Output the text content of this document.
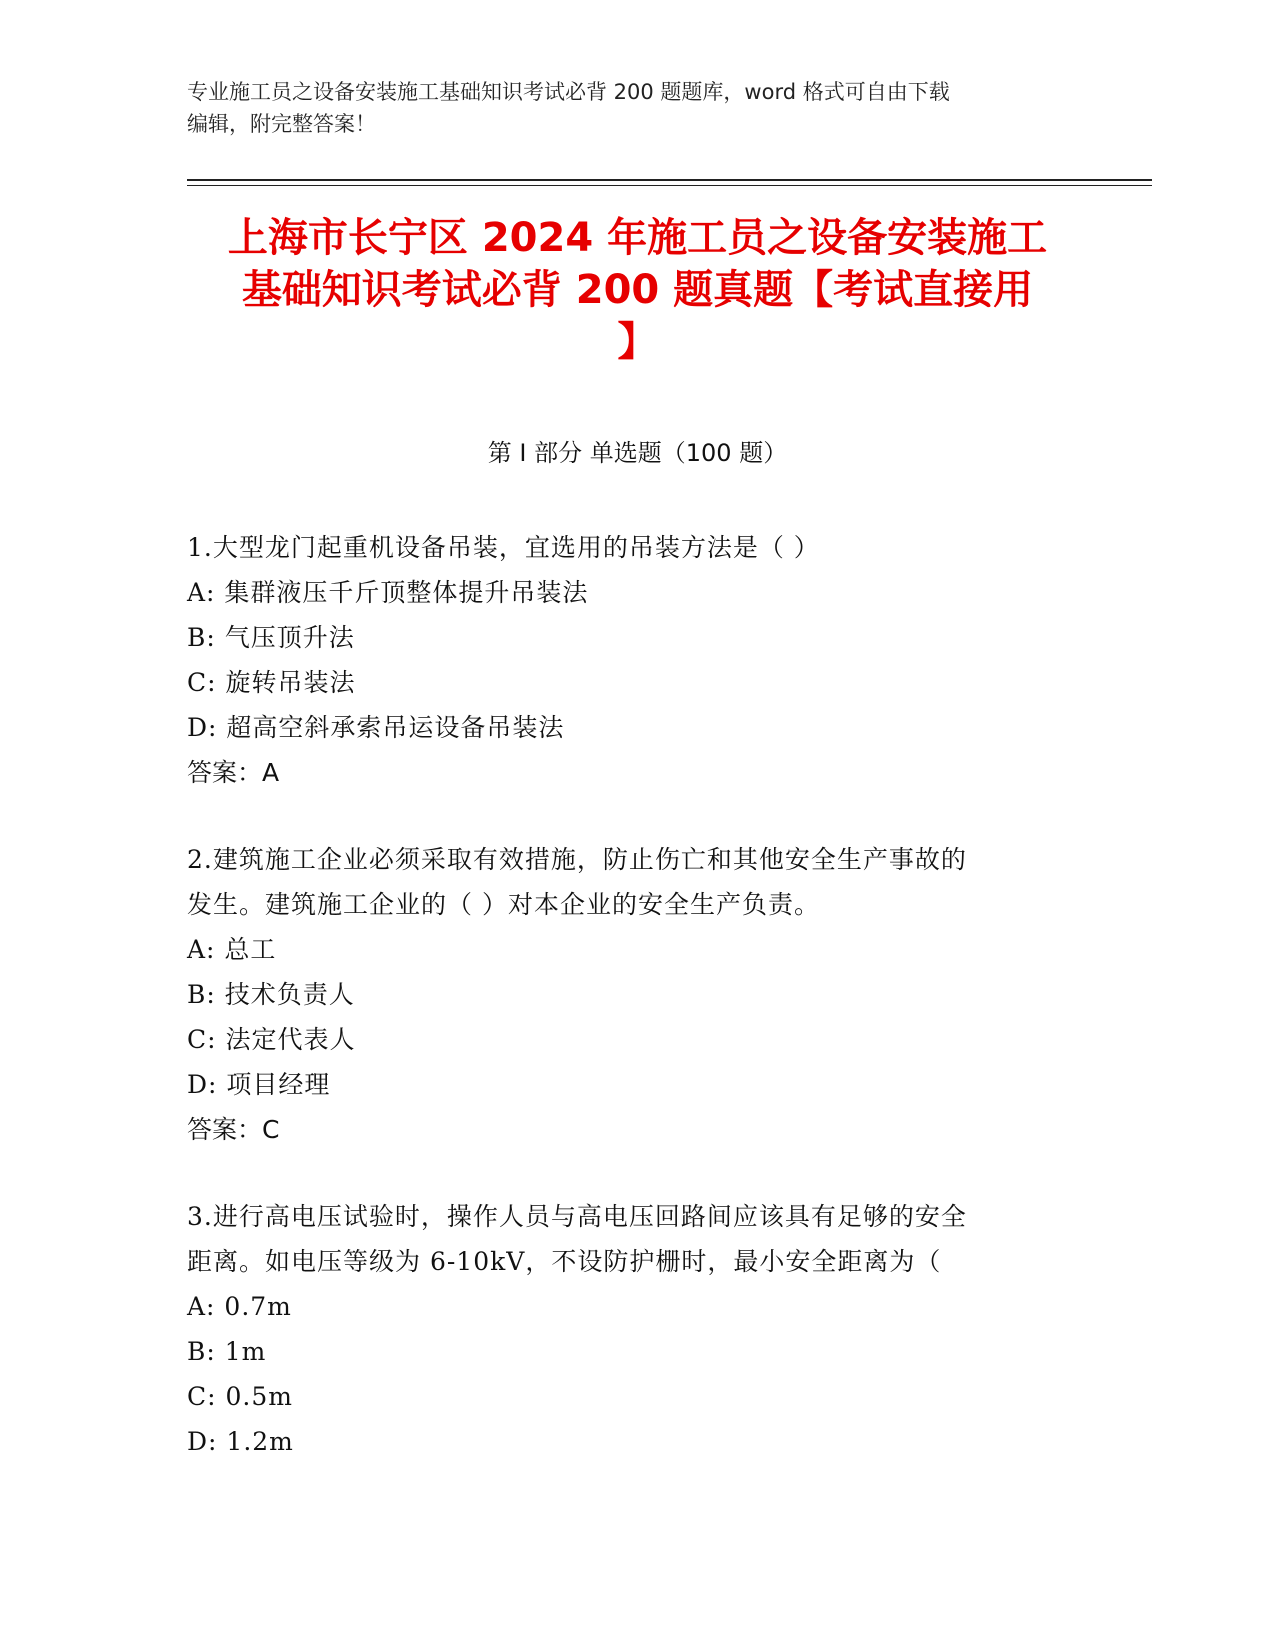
专业施工员之设备安装施工基础知识考试必背 200 题题库，word 格式可自由下载
编辑，附完整答案！
上海市长宁区 2024 年施工员之设备安装施工
基础知识考试必背 200 题真题【考试直接用
】
第 I 部分 单选题（100 题）
1.大型龙门起重机设备吊装，宜选用的吊装方法是（ ）
A: 集群液压千斤顶整体提升吊装法
B: 气压顶升法
C: 旋转吊装法
D: 超高空斜承索吊运设备吊装法
答案：A
2.建筑施工企业必须采取有效措施，防止伤亡和其他安全生产事故的
发生。建筑施工企业的（ ）对本企业的安全生产负责。
A: 总工
B: 技术负责人
C: 法定代表人
D: 项目经理
答案：C
3.进行高电压试验时，操作人员与高电压回路间应该具有足够的安全
距离。如电压等级为 6-10kV，不设防护栅时，最小安全距离为（
A: 0.7m
B: 1m
C: 0.5m
D: 1.2m
